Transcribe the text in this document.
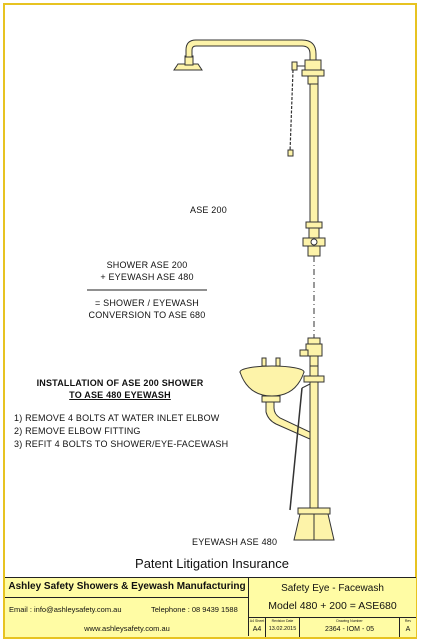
ASE 200
SHOWER ASE 200
+ EYEWASH ASE 480
= SHOWER / EYEWASH
CONVERSION TO ASE 680
INSTALLATION OF ASE 200 SHOWER
TO ASE 480 EYEWASH
1) REMOVE 4 BOLTS AT WATER INLET ELBOW
2) REMOVE ELBOW FITTING
3) REFIT 4 BOLTS TO SHOWER/EYE-FACEWASH
EYEWASH ASE 480
Patent Litigation Insurance
Ashley Safety Showers & Eyewash Manufacturing
Email : info@ashleysafety.com.au	Telephone : 08 9439 1588
www.ashleysafety.com.au
Safety Eye - Facewash
Model 480 + 200 = ASE680
A4 Sheet
A4
Revision Date
13.02.2015
Drawing Number
2364 - IOM - 05
Rev
A
